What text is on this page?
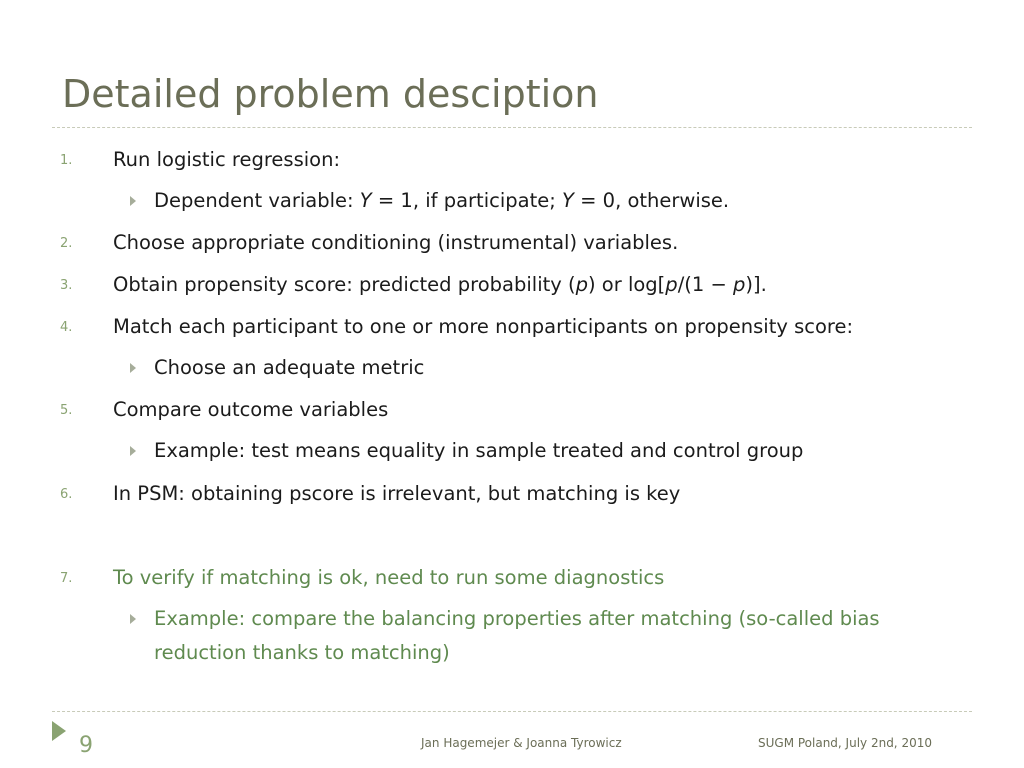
Detailed problem desciption
1. Run logistic regression:
Dependent variable: Y = 1, if participate; Y = 0, otherwise.
2. Choose appropriate conditioning (instrumental) variables.
3. Obtain propensity score: predicted probability (p) or log[p/(1 − p)].
4. Match each participant to one or more nonparticipants on propensity score:
Choose an adequate metric
5. Compare outcome variables
Example: test means equality in sample treated and control group
6. In PSM: obtaining pscore is irrelevant, but matching is key
7. To verify if matching is ok, need to run some diagnostics
Example: compare the balancing properties after matching (so-called bias
reduction thanks to matching)
9	Jan Hagemejer & Joanna Tyrowicz	SUGM Poland, July 2nd, 2010
